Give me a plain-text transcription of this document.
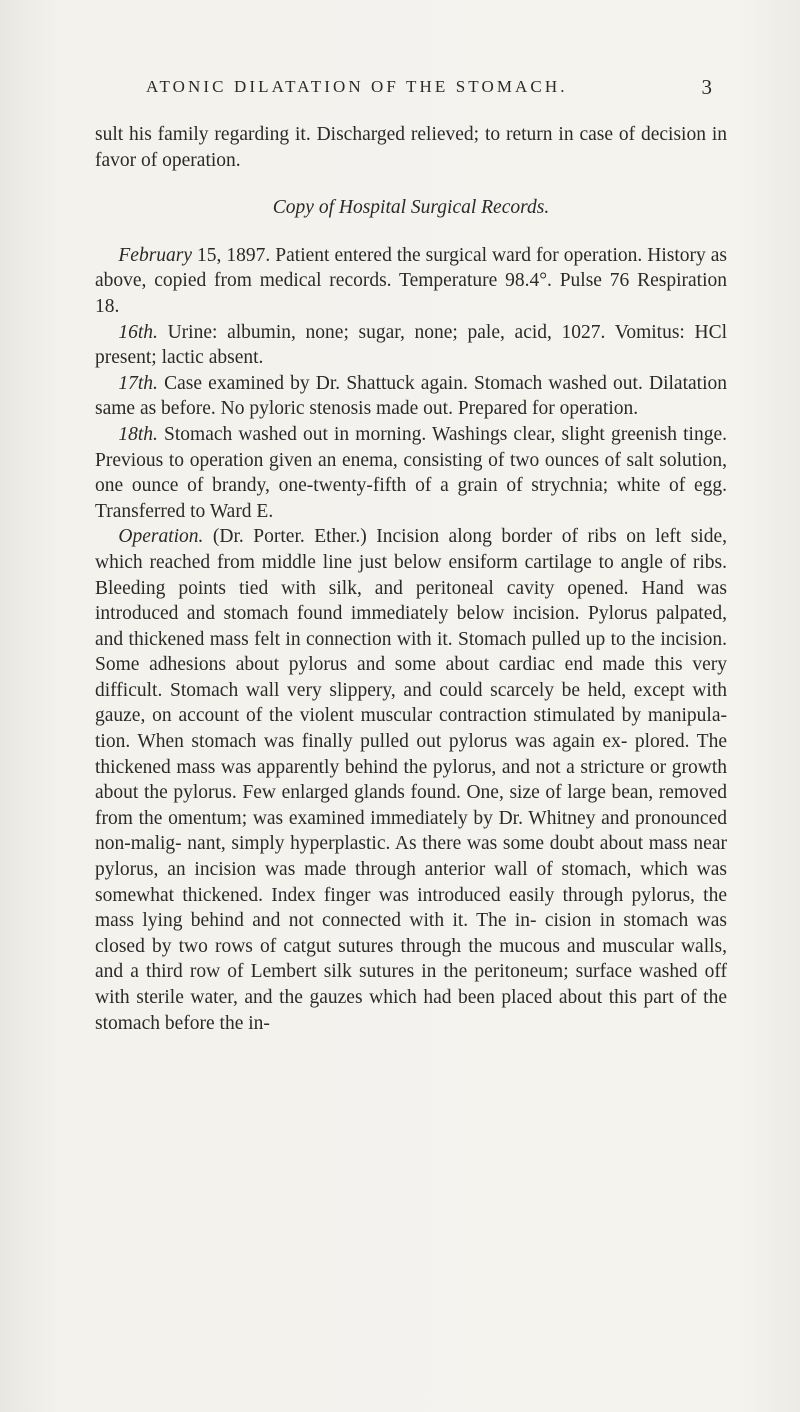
ATONIC DILATATION OF THE STOMACH.	3

sult his family regarding it. Discharged relieved; to return in case of decision in favor of operation.

Copy of Hospital Surgical Records.

February 15, 1897. Patient entered the surgical ward for operation. History as above, copied from medical records. Temperature 98.4°. Pulse 76 Respiration 18.

16th. Urine: albumin, none; sugar, none; pale, acid, 1027. Vomitus: HCl present; lactic absent.

17th. Case examined by Dr. Shattuck again. Stomach washed out. Dilatation same as before. No pyloric stenosis made out. Prepared for operation.

18th. Stomach washed out in morning. Washings clear, slight greenish tinge. Previous to operation given an enema, consisting of two ounces of salt solution, one ounce of brandy, one-twenty-fifth of a grain of strychnia; white of egg. Transferred to Ward E.

Operation. (Dr. Porter. Ether.) Incision along border of ribs on left side, which reached from middle line just below ensiform cartilage to angle of ribs. Bleeding points tied with silk, and peritoneal cavity opened. Hand was introduced and stomach found immediately below incision. Pylorus palpated, and thickened mass felt in connection with it. Stomach pulled up to the incision. Some adhesions about pylorus and some about cardiac end made this very difficult. Stomach wall very slippery, and could scarcely be held, except with gauze, on account of the violent muscular contraction stimulated by manipula- tion. When stomach was finally pulled out pylorus was again ex- plored. The thickened mass was apparently behind the pylorus, and not a stricture or growth about the pylorus. Few enlarged glands found. One, size of large bean, removed from the omentum; was examined immediately by Dr. Whitney and pronounced non-malig- nant, simply hyperplastic. As there was some doubt about mass near pylorus, an incision was made through anterior wall of stomach, which was somewhat thickened. Index finger was introduced easily through pylorus, the mass lying behind and not connected with it. The in- cision in stomach was closed by two rows of catgut sutures through the mucous and muscular walls, and a third row of Lembert silk sutures in the peritoneum; surface washed off with sterile water, and the gauzes which had been placed about this part of the stomach before the in-
